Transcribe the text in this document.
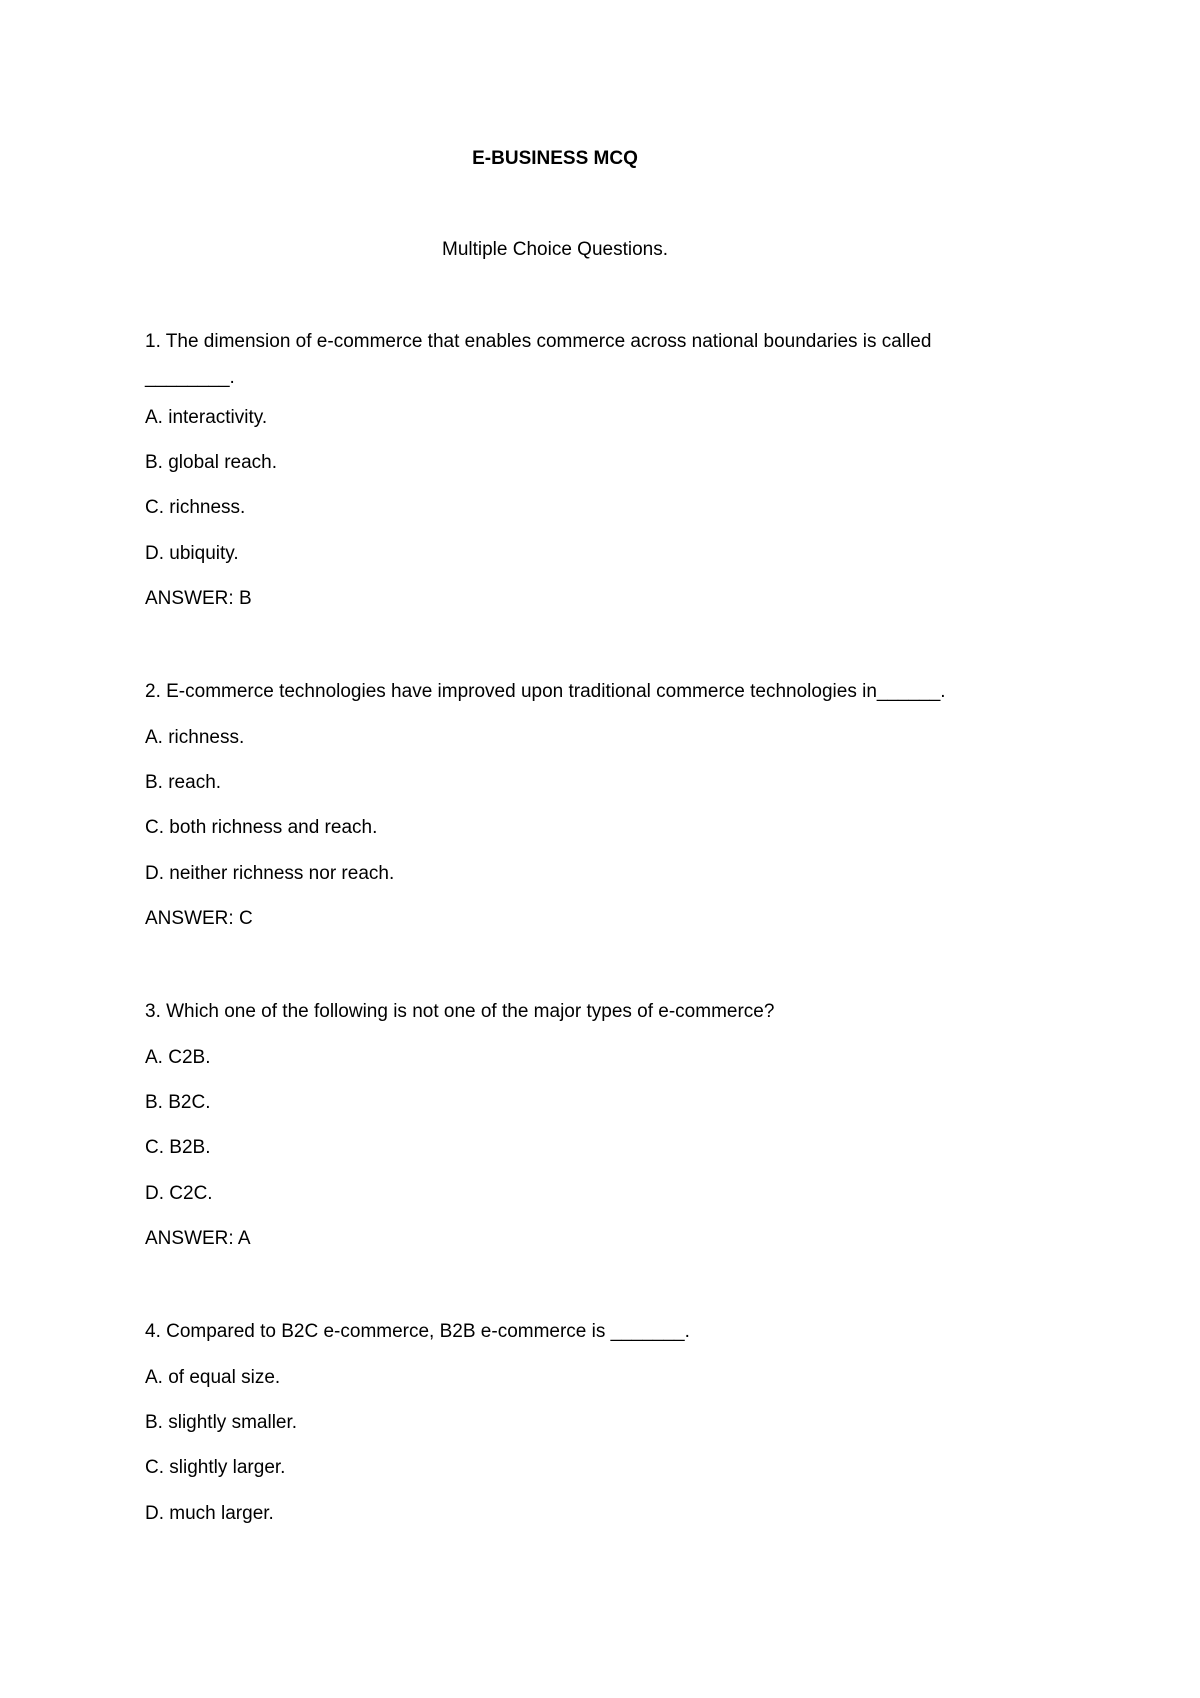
E-BUSINESS MCQ
Multiple Choice Questions.
1. The dimension of e-commerce that enables commerce across national boundaries is called
________.
A. interactivity.
B. global reach.
C. richness.
D. ubiquity.
ANSWER: B
2. E-commerce technologies have improved upon traditional commerce technologies in______.
A. richness.
B. reach.
C. both richness and reach.
D. neither richness nor reach.
ANSWER: C
3. Which one of the following is not one of the major types of e-commerce?
A. C2B.
B. B2C.
C. B2B.
D. C2C.
ANSWER: A
4. Compared to B2C e-commerce, B2B e-commerce is _______.
A. of equal size.
B. slightly smaller.
C. slightly larger.
D. much larger.
